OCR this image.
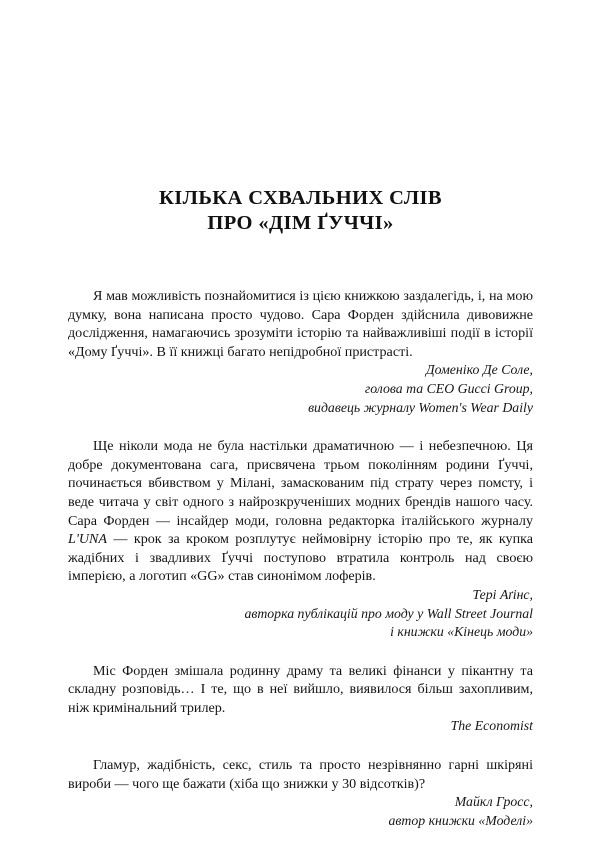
КІЛЬКА СХВАЛЬНИХ СЛІВ
ПРО «ДІМ ҐУЧЧІ»

Я мав можливість познайомитися із цією книжкою заздалегідь, і, на мою думку, вона написана просто чудово. Сара Форден здійснила дивовижне дослідження, намагаючись зрозуміти історію та найважливіші події в історії «Дому Ґуччі». В її книжці багато непідробної пристрасті.

Доменіко Де Соле,
голова та CEO Gucci Group,
видавець журналу Women's Wear Daily

Ще ніколи мода не була настільки драматичною — і небезпечною. Ця добре документована сага, присвячена трьом поколінням родини Ґуччі, починається вбивством у Мілані, замаскованим під страту через помсту, і веде читача у світ одного з найрозкрученіших модних брендів нашого часу. Сара Форден — інсайдер моди, головна редакторка італійського журналу L'UNA — крок за кроком розплутує неймовірну історію про те, як купка жадібних і звадливих Ґуччі поступово втратила контроль над своєю імперією, а логотип «GG» став синонімом лоферів.

Тері Аґінс,
авторка публікацій про моду у Wall Street Journal
і книжки «Кінець моди»

Міс Форден змішала родинну драму та великі фінанси у пікантну та складну розповідь… І те, що в неї вийшло, виявилося більш захопливим, ніж кримінальний трилер.

The Economist

Гламур, жадібність, секс, стиль та просто незрівнянно гарні шкіряні вироби — чого ще бажати (хіба що знижки у 30 відсотків)?

Майкл Гросс,
автор книжки «Моделі»
